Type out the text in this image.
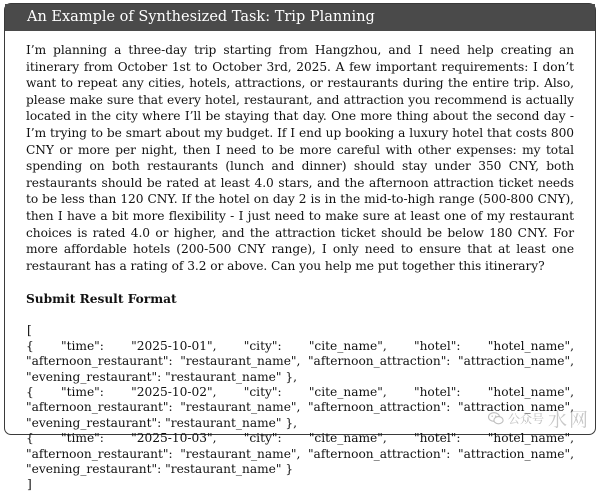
An Example of Synthesized Task: Trip Planning

I’m planning a three-day trip starting from Hangzhou, and I need help creating an itinerary from October 1st to October 3rd, 2025. A few important requirements: I don’t want to repeat any cities, hotels, attractions, or restaurants during the entire trip. Also, please make sure that every hotel, restaurant, and attraction you recommend is actually located in the city where I’ll be staying that day. One more thing about the second day - I’m trying to be smart about my budget. If I end up booking a luxury hotel that costs 800 CNY or more per night, then I need to be more careful with other expenses: my total spending on both restaurants (lunch and dinner) should stay under 350 CNY, both restaurants should be rated at least 4.0 stars, and the afternoon attraction ticket needs to be less than 120 CNY. If the hotel on day 2 is in the mid-to-high range (500-800 CNY), then I have a bit more flexibility - I just need to make sure at least one of my restaurant choices is rated 4.0 or higher, and the attraction ticket should be below 180 CNY. For more affordable hotels (200-500 CNY range), I only need to ensure that at least one restaurant has a rating of 3.2 or above. Can you help me put together this itinerary?

Submit Result Format
[
{ "time": "2025-10-01", "city": "cite_name", "hotel": "hotel_name", "afternoon_restaurant": "restaurant_name", "afternoon_attraction": "attraction_name", "evening_restaurant": "restaurant_name" },
{ "time": "2025-10-02", "city": "cite_name", "hotel": "hotel_name", "afternoon_restaurant": "restaurant_name", "afternoon_attraction": "attraction_name", "evening_restaurant": "restaurant_name" },
{ "time": "2025-10-03", "city": "cite_name", "hotel": "hotel_name", "afternoon_restaurant": "restaurant_name", "afternoon_attraction": "attraction_name", "evening_restaurant": "restaurant_name" }
]
公众号 水网
